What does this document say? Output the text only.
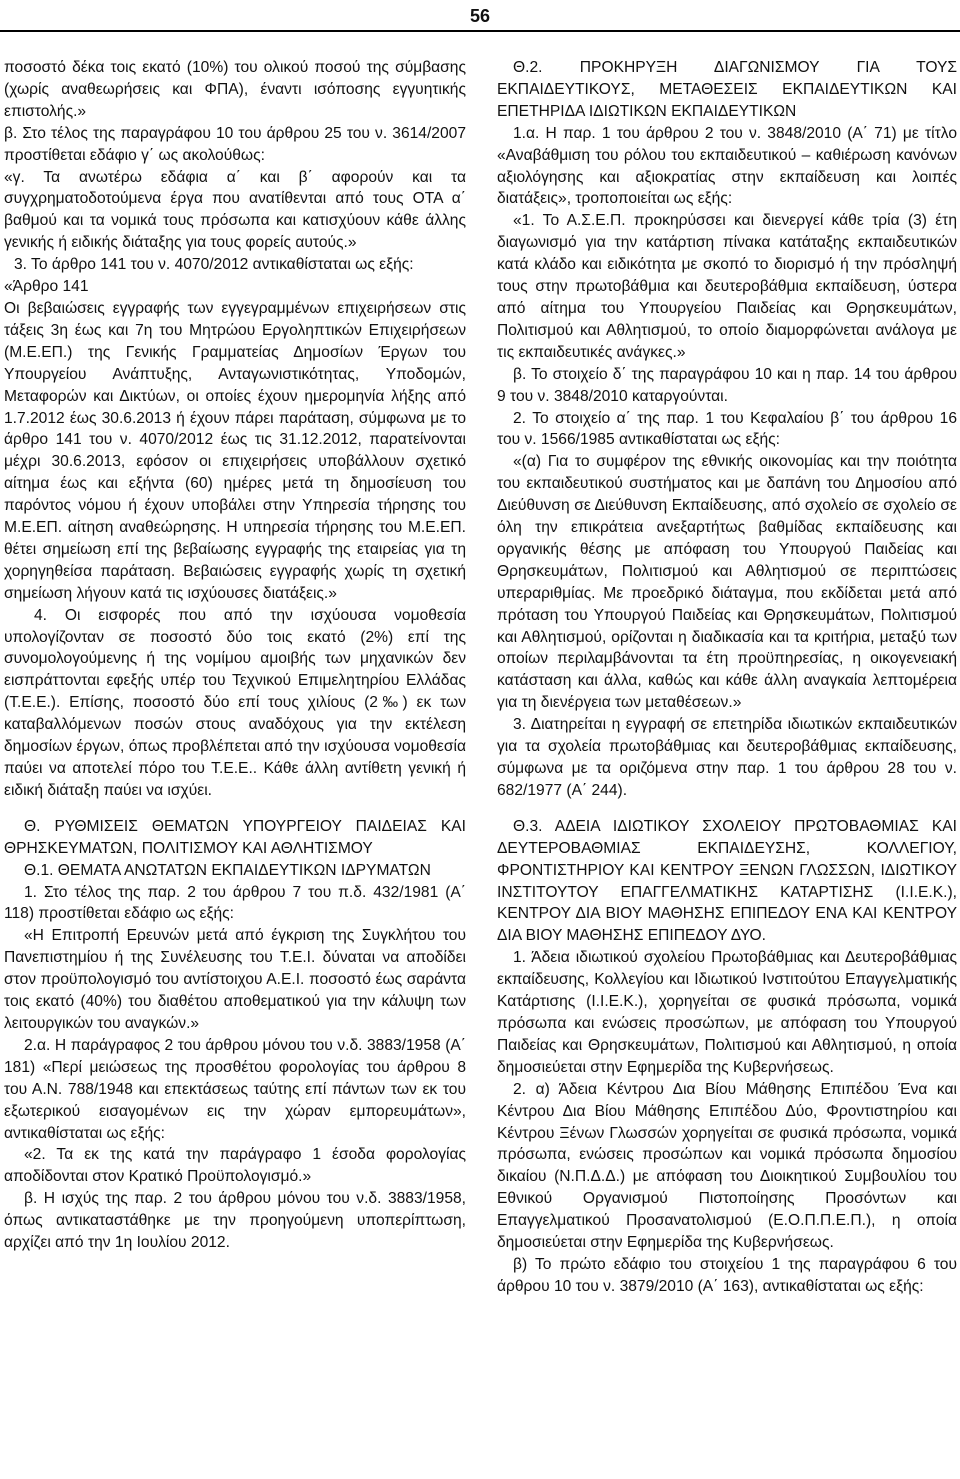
56

ποσοστό δέκα τοις εκατό (10%) του ολικού ποσού της σύμβασης (χωρίς αναθεωρήσεις και ΦΠΑ), έναντι ισόποσης εγγυητικής επιστολής.»

β. Στο τέλος της παραγράφου 10 του άρθρου 25 του ν. 3614/2007 προστίθεται εδάφιο γ΄ ως ακολούθως:

«γ. Τα ανωτέρω εδάφια α΄ και β΄ αφορούν και τα συγχρηματοδοτούμενα έργα που ανατίθενται από τους ΟΤΑ α΄ βαθμού και τα νομικά τους πρόσωπα και κατισχύουν κάθε άλλης γενικής ή ειδικής διάταξης για τους φορείς αυτούς.»

3. Το άρθρο 141 του ν. 4070/2012 αντικαθίσταται ως εξής:

«Άρθρο 141

Οι βεβαιώσεις εγγραφής των εγγεγραμμένων επιχειρήσεων στις τάξεις 3η έως και 7η του Μητρώου Εργοληπτικών Επιχειρήσεων (Μ.Ε.ΕΠ.) της Γενικής Γραμματείας Δημοσίων Έργων του Υπουργείου Ανάπτυξης, Ανταγωνιστικότητας, Υποδομών, Μεταφορών και Δικτύων, οι οποίες έχουν ημερομηνία λήξης από 1.7.2012 έως 30.6.2013 ή έχουν πάρει παράταση, σύμφωνα με το άρθρο 141 του ν. 4070/2012 έως τις 31.12.2012, παρατείνονται μέχρι 30.6.2013, εφόσον οι επιχειρήσεις υποβάλλουν σχετικό αίτημα έως και εξήντα (60) ημέρες μετά τη δημοσίευση του παρόντος νόμου ή έχουν υποβάλει στην Υπηρεσία τήρησης του Μ.Ε.ΕΠ. αίτηση αναθεώρησης. Η υπηρεσία τήρησης του Μ.Ε.ΕΠ. θέτει σημείωση επί της βεβαίωσης εγγραφής της εταιρείας για τη χορηγηθείσα παράταση. Βεβαιώσεις εγγραφής χωρίς τη σχετική σημείωση λήγουν κατά τις ισχύουσες διατάξεις.»

4. Οι εισφορές που από την ισχύουσα νομοθεσία υπολογίζονταν σε ποσοστό δύο τοις εκατό (2%) επί της συνομολογούμενης ή της νομίμου αμοιβής των μηχανικών δεν εισπράττονται εφεξής υπέρ του Τεχνικού Επιμελητηρίου Ελλάδας (Τ.Ε.Ε.). Επίσης, ποσοστό δύο επί τους χιλίους (2‰) εκ των καταβαλλόμενων ποσών στους αναδόχους για την εκτέλεση δημοσίων έργων, όπως προβλέπεται από την ισχύουσα νομοθεσία παύει να αποτελεί πόρο του Τ.Ε.Ε.. Κάθε άλλη αντίθετη γενική ή ειδική διάταξη παύει να ισχύει.

Θ. ΡΥΘΜΙΣΕΙΣ ΘΕΜΑΤΩΝ ΥΠΟΥΡΓΕΙΟΥ ΠΑΙΔΕΙΑΣ ΚΑΙ ΘΡΗΣΚΕΥΜΑΤΩΝ, ΠΟΛΙΤΙΣΜΟΥ ΚΑΙ ΑΘΛΗΤΙΣΜΟΥ

Θ.1. ΘΕΜΑΤΑ ΑΝΩΤΑΤΩΝ ΕΚΠΑΙΔΕΥΤΙΚΩΝ ΙΔΡΥΜΑΤΩΝ

1. Στο τέλος της παρ. 2 του άρθρου 7 του π.δ. 432/1981 (Α΄ 118) προστίθεται εδάφιο ως εξής:

«Η Επιτροπή Ερευνών μετά από έγκριση της Συγκλήτου του Πανεπιστημίου ή της Συνέλευσης του Τ.Ε.Ι. δύναται να αποδίδει στον προϋπολογισμό του αντίστοιχου Α.Ε.Ι. ποσοστό έως σαράντα τοις εκατό (40%) του διαθέτου αποθεματικού για την κάλυψη των λειτουργικών του αναγκών.»

2.α. Η παράγραφος 2 του άρθρου μόνου του ν.δ. 3883/1958 (Α΄ 181) «Περί μειώσεως της προσθέτου φορολογίας του άρθρου 8 του Α.Ν. 788/1948 και επεκτάσεως ταύτης επί πάντων των εκ του εξωτερικού εισαγομένων εις την χώραν εμπορευμάτων», αντικαθίσταται ως εξής:

«2. Τα εκ της κατά την παράγραφο 1 έσοδα φορολογίας αποδίδονται στον Κρατικό Προϋπολογισμό.»

β. Η ισχύς της παρ. 2 του άρθρου μόνου του ν.δ. 3883/1958, όπως αντικαταστάθηκε με την προηγούμενη υποπερίπτωση, αρχίζει από την 1η Ιουλίου 2012.

Θ.2. ΠΡΟΚΗΡΥΞΗ ΔΙΑΓΩΝΙΣΜΟΥ ΓΙΑ ΤΟΥΣ ΕΚΠΑΙΔΕΥΤΙΚΟΥΣ, ΜΕΤΑΘΕΣΕΙΣ ΕΚΠΑΙΔΕΥΤΙΚΩΝ ΚΑΙ ΕΠΕΤΗΡΙΔΑ ΙΔΙΩΤΙΚΩΝ ΕΚΠΑΙΔΕΥΤΙΚΩΝ

1.α. Η παρ. 1 του άρθρου 2 του ν. 3848/2010 (Α΄ 71) με τίτλο «Αναβάθμιση του ρόλου του εκπαιδευτικού – καθιέρωση κανόνων αξιολόγησης και αξιοκρατίας στην εκπαίδευση και λοιπές διατάξεις», τροποποιείται ως εξής:

«1. Το Α.Σ.Ε.Π. προκηρύσσει και διενεργεί κάθε τρία (3) έτη διαγωνισμό για την κατάρτιση πίνακα κατάταξης εκπαιδευτικών κατά κλάδο και ειδικότητα με σκοπό το διορισμό ή την πρόσληψή τους στην πρωτοβάθμια και δευτεροβάθμια εκπαίδευση, ύστερα από αίτημα του Υπουργείου Παιδείας και Θρησκευμάτων, Πολιτισμού και Αθλητισμού, το οποίο διαμορφώνεται ανάλογα με τις εκπαιδευτικές ανάγκες.»

β. Το στοιχείο δ΄ της παραγράφου 10 και η παρ. 14 του άρθρου 9 του ν. 3848/2010 καταργούνται.

2. Το στοιχείο α΄ της παρ. 1 του Κεφαλαίου β΄ του άρθρου 16 του ν. 1566/1985 αντικαθίσταται ως εξής:

«(α) Για το συμφέρον της εθνικής οικονομίας και την ποιότητα του εκπαιδευτικού συστήματος και με δαπάνη του Δημοσίου από Διεύθυνση σε Διεύθυνση Εκπαίδευσης, από σχολείο σε σχολείο σε όλη την επικράτεια ανεξαρτήτως βαθμίδας εκπαίδευσης και οργανικής θέσης με απόφαση του Υπουργού Παιδείας και Θρησκευμάτων, Πολιτισμού και Αθλητισμού σε περιπτώσεις υπεραριθμίας. Με προεδρικό διάταγμα, που εκδίδεται μετά από πρόταση του Υπουργού Παιδείας και Θρησκευμάτων, Πολιτισμού και Αθλητισμού, ορίζονται η διαδικασία και τα κριτήρια, μεταξύ των οποίων περιλαμβάνονται τα έτη προϋπηρεσίας, η οικογενειακή κατάσταση και άλλα, καθώς και κάθε άλλη αναγκαία λεπτομέρεια για τη διενέργεια των μεταθέσεων.»

3. Διατηρείται η εγγραφή σε επετηρίδα ιδιωτικών εκπαιδευτικών για τα σχολεία πρωτοβάθμιας και δευτεροβάθμιας εκπαίδευσης, σύμφωνα με τα οριζόμενα στην παρ. 1 του άρθρου 28 του ν. 682/1977 (Α΄ 244).

Θ.3. ΑΔΕΙΑ ΙΔΙΩΤΙΚΟΥ ΣΧΟΛΕΙΟΥ ΠΡΩΤΟΒΑΘΜΙΑΣ ΚΑΙ ΔΕΥΤΕΡΟΒΑΘΜΙΑΣ ΕΚΠΑΙΔΕΥΣΗΣ, ΚΟΛΛΕΓΙΟΥ, ΦΡΟΝΤΙΣΤΗΡΙΟΥ ΚΑΙ ΚΕΝΤΡΟΥ ΞΕΝΩΝ ΓΛΩΣΣΩΝ, ΙΔΙΩΤΙΚΟΥ ΙΝΣΤΙΤΟΥΤΟΥ ΕΠΑΓΓΕΛΜΑΤΙΚΗΣ ΚΑΤΑΡΤΙΣΗΣ (Ι.Ι.Ε.Κ.), ΚΕΝΤΡΟΥ ΔΙΑ ΒΙΟΥ ΜΑΘΗΣΗΣ ΕΠΙΠΕΔΟΥ ΕΝΑ ΚΑΙ ΚΕΝΤΡΟΥ ΔΙΑ ΒΙΟΥ ΜΑΘΗΣΗΣ ΕΠΙΠΕΔΟΥ ΔΥΟ.

1. Άδεια ιδιωτικού σχολείου Πρωτοβάθμιας και Δευτεροβάθμιας εκπαίδευσης, Κολλεγίου και Ιδιωτικού Ινστιτούτου Επαγγελματικής Κατάρτισης (Ι.Ι.Ε.Κ.), χορηγείται σε φυσικά πρόσωπα, νομικά πρόσωπα και ενώσεις προσώπων, με απόφαση του Υπουργού Παιδείας και Θρησκευμάτων, Πολιτισμού και Αθλητισμού, η οποία δημοσιεύεται στην Εφημερίδα της Κυβερνήσεως.

2. α) Άδεια Κέντρου Δια Βίου Μάθησης Επιπέδου Ένα και Κέντρου Δια Βίου Μάθησης Επιπέδου Δύο, Φροντιστηρίου και Κέντρου Ξένων Γλωσσών χορηγείται σε φυσικά πρόσωπα, νομικά πρόσωπα, ενώσεις προσώπων και νομικά πρόσωπα δημοσίου δικαίου (Ν.Π.Δ.Δ.) με απόφαση του Διοικητικού Συμβουλίου του Εθνικού Οργανισμού Πιστοποίησης Προσόντων και Επαγγελματικού Προσανατολισμού (Ε.Ο.Π.Π.Ε.Π.), η οποία δημοσιεύεται στην Εφημερίδα της Κυβερνήσεως.

β) Το πρώτο εδάφιο του στοιχείου 1 της παραγράφου 6 του άρθρου 10 του ν. 3879/2010 (Α΄ 163), αντικαθίσταται ως εξής:
